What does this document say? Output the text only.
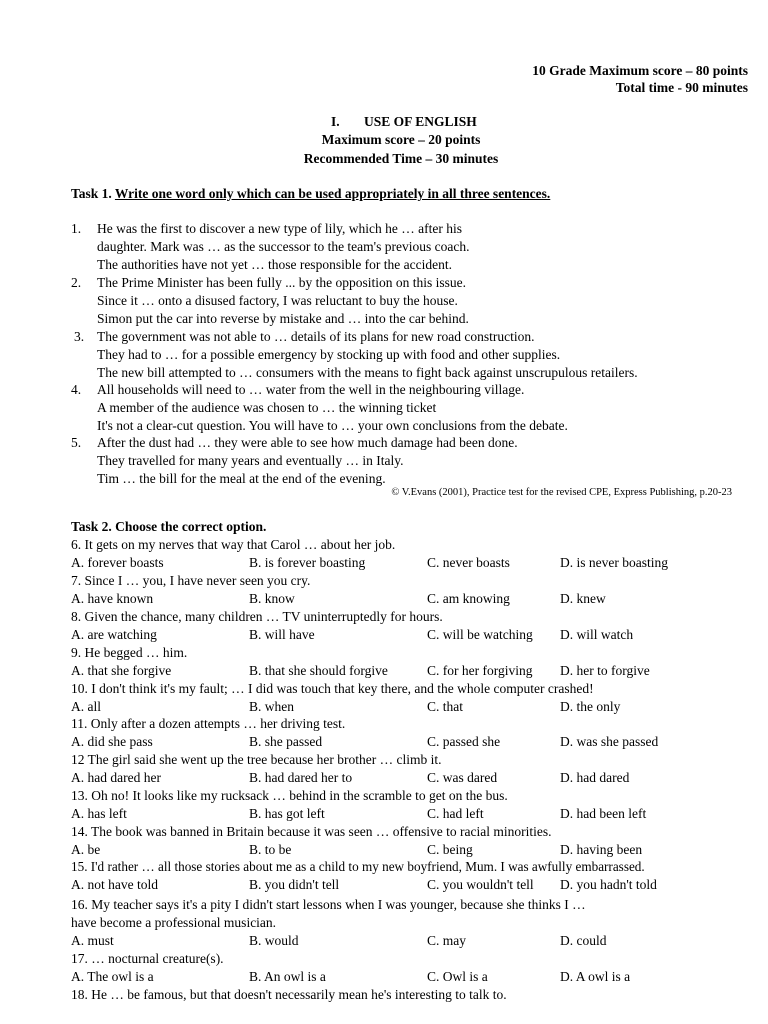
10 Grade Maximum score – 80 points
Total time - 90 minutes
I. USE OF ENGLISH
Maximum score – 20 points
Recommended Time – 30 minutes
Task 1. Write one word only which can be used appropriately in all three sentences.
1. He was the first to discover a new type of lily, which he … after his
daughter. Mark was … as the successor to the team's previous coach.
The authorities have not yet … those responsible for the accident.
2. The Prime Minister has been fully ... by the opposition on this issue.
Since it … onto a disused factory, I was reluctant to buy the house.
Simon put the car into reverse by mistake and … into the car behind.
3. The government was not able to … details of its plans for new road construction.
They had to … for a possible emergency by stocking up with food and other supplies.
The new bill attempted to … consumers with the means to fight back against unscrupulous retailers.
4. All households will need to … water from the well in the neighbouring village.
A member of the audience was chosen to … the winning ticket
It's not a clear-cut question. You will have to … your own conclusions from the debate.
5. After the dust had … they were able to see how much damage had been done.
They travelled for many years and eventually … in Italy.
Tim … the bill for the meal at the end of the evening.
© V.Evans (2001), Practice test for the revised CPE, Express Publishing, p.20-23
Task 2. Choose the correct option.
6. It gets on my nerves that way that Carol … about her job.
A. forever boasts	B. is forever boasting	C. never boasts	D. is never boasting
7. Since I … you, I have never seen you cry.
A. have known	B. know	C. am knowing	D. knew
8. Given the chance, many children … TV uninterruptedly for hours.
A. are watching	B. will have	C. will be watching D. will watch
9. He begged … him.
A. that she forgive	B. that she should forgive	C. for her forgiving D. her to forgive
10. I don't think it's my fault; … I did was touch that key there, and the whole computer crashed!
A. all	B. when	C. that	D. the only
11. Only after a dozen attempts … her driving test.
A. did she pass	B. she passed	C. passed she	D. was she passed
12 The girl said she went up the tree because her brother … climb it.
A. had dared her	B. had dared her to	C. was dared	D. had dared
13. Oh no! It looks like my rucksack … behind in the scramble to get on the bus.
A. has left	B. has got left	C. had left	D. had been left
14. The book was banned in Britain because it was seen … offensive to racial minorities.
A. be	B. to be	C. being	D. having been
15. I'd rather … all those stories about me as a child to my new boyfriend, Mum. I was awfully embarrassed.
A. not have told	B. you didn't tell	C. you wouldn't tell D. you hadn't told
16. My teacher says it's a pity I didn't start lessons when I was younger, because she thinks I …
have become a professional musician.
A. must	B. would	C. may	D. could
17. … nocturnal creature(s).
A. The owl is a	B. An owl is a	C. Owl is a	D. A owl is a
18. He … be famous, but that doesn't necessarily mean he's interesting to talk to.
